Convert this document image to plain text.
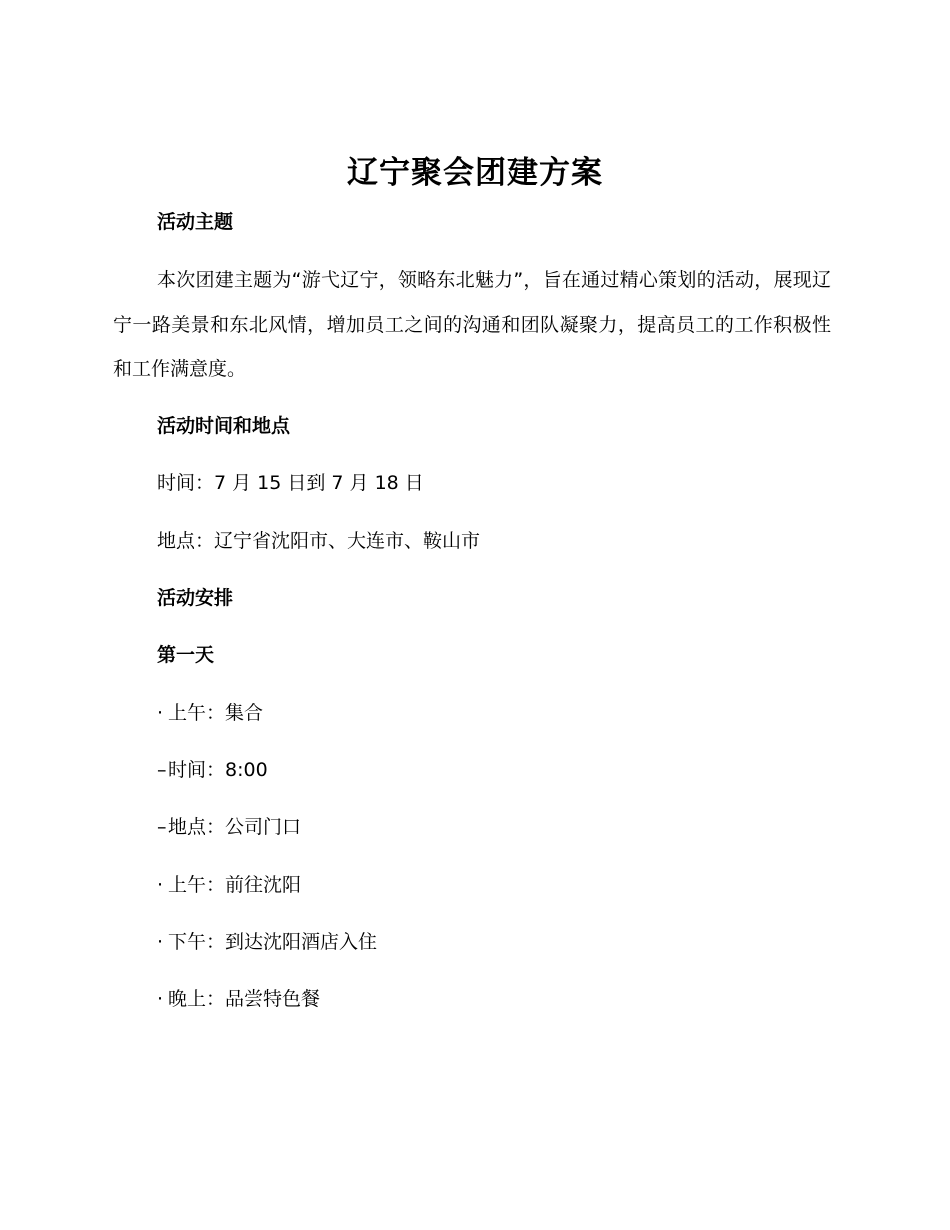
辽宁聚会团建方案
活动主题
本次团建主题为“游弋辽宁，领略东北魅力”，旨在通过精心策划的活动，展现辽宁一路美景和东北风情，增加员工之间的沟通和团队凝聚力，提高员工的工作积极性和工作满意度。
活动时间和地点
时间：7 月 15 日到 7 月 18 日
地点：辽宁省沈阳市、大连市、鞍山市
活动安排
第一天
· 上午：集合
–时间：8:00
–地点：公司门口
· 上午：前往沈阳
· 下午：到达沈阳酒店入住
· 晚上：品尝特色餐
